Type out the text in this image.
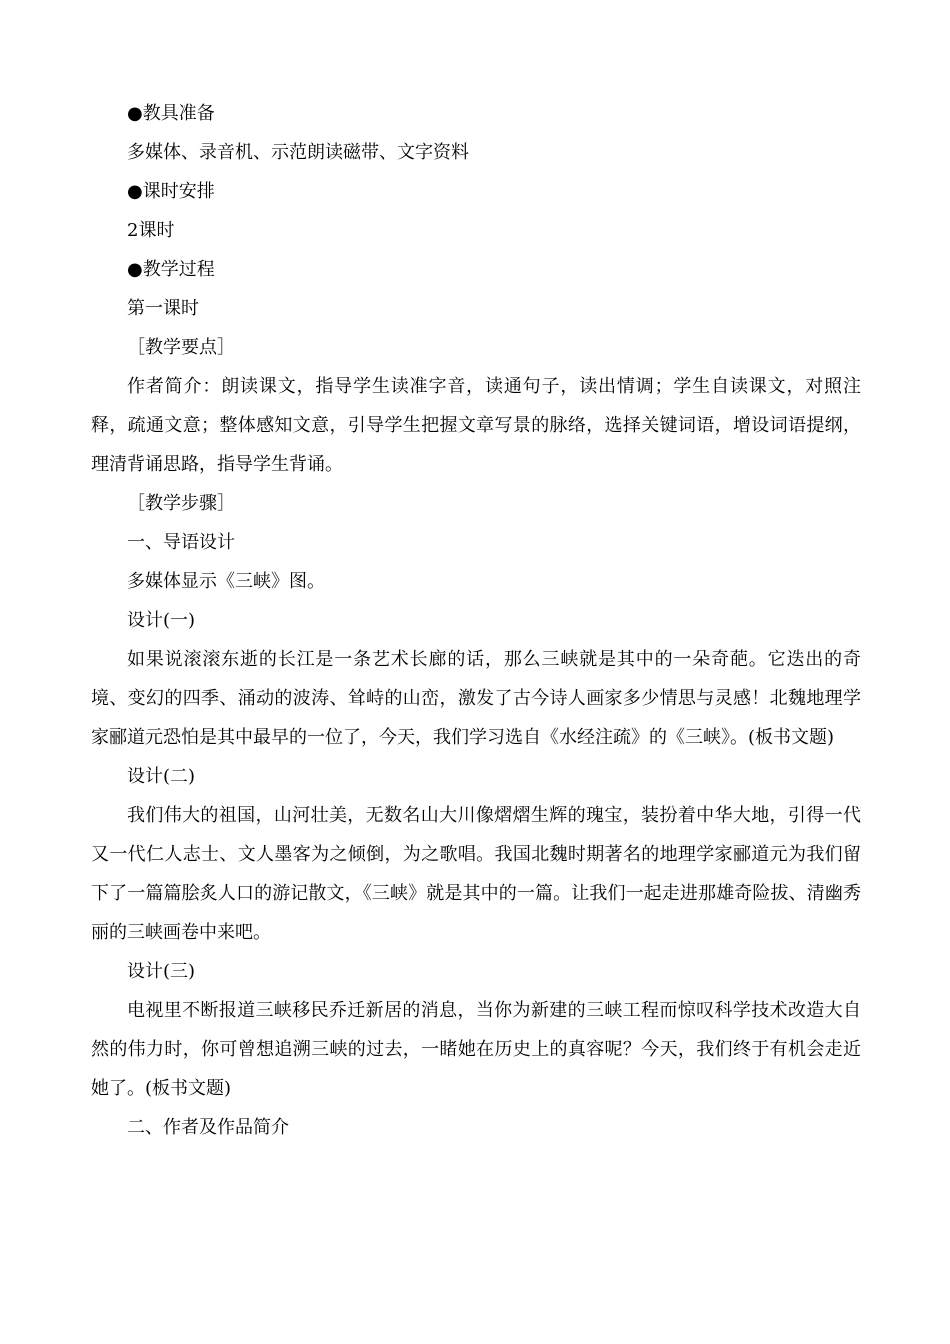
●教具准备

多媒体、录音机、示范朗读磁带、文字资料

●课时安排

2课时

●教学过程

第一课时

［教学要点］

作者简介：朗读课文，指导学生读准字音，读通句子，读出情调；学生自读课文，对照注释，疏通文意；整体感知文意，引导学生把握文章写景的脉络，选择关键词语，增设词语提纲，理清背诵思路，指导学生背诵。

［教学步骤］

一、导语设计

多媒体显示《三峡》图。

设计(一)

如果说滚滚东逝的长江是一条艺术长廊的话，那么三峡就是其中的一朵奇葩。它迭出的奇境、变幻的四季、涌动的波涛、耸峙的山峦，激发了古今诗人画家多少情思与灵感！北魏地理学家郦道元恐怕是其中最早的一位了，今天，我们学习选自《水经注疏》的《三峡》。(板书文题)

设计(二)

我们伟大的祖国，山河壮美，无数名山大川像熠熠生辉的瑰宝，装扮着中华大地，引得一代又一代仁人志士、文人墨客为之倾倒，为之歌唱。我国北魏时期著名的地理学家郦道元为我们留下了一篇篇脍炙人口的游记散文，《三峡》就是其中的一篇。让我们一起走进那雄奇险拔、清幽秀丽的三峡画卷中来吧。

设计(三)

电视里不断报道三峡移民乔迁新居的消息，当你为新建的三峡工程而惊叹科学技术改造大自然的伟力时，你可曾想追溯三峡的过去，一睹她在历史上的真容呢？今天，我们终于有机会走近她了。(板书文题)

二、作者及作品简介
